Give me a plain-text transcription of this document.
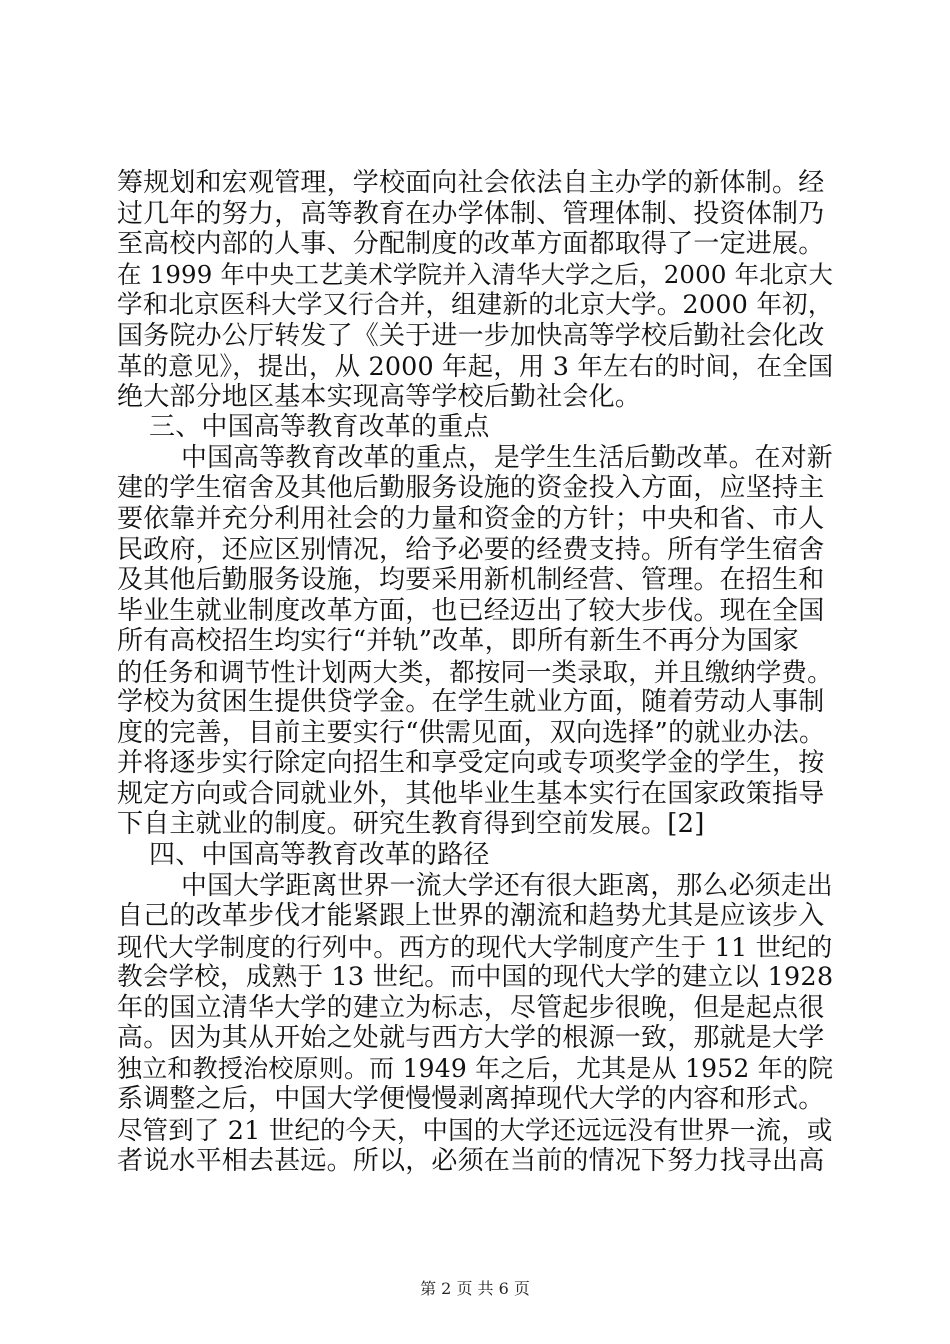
筹规划和宏观管理，学校面向社会依法自主办学的新体制。经
过几年的努力，高等教育在办学体制、管理体制、投资体制乃
至高校内部的人事、分配制度的改革方面都取得了一定进展。
在 1999 年中央工艺美术学院并入清华大学之后，2000 年北京大
学和北京医科大学又行合并，组建新的北京大学。2000 年初，
国务院办公厅转发了《关于进一步加快高等学校后勤社会化改
革的意见》，提出，从 2000 年起，用 3 年左右的时间，在全国
绝大部分地区基本实现高等学校后勤社会化。
三、中国高等教育改革的重点
中国高等教育改革的重点，是学生生活后勤改革。在对新
建的学生宿舍及其他后勤服务设施的资金投入方面，应坚持主
要依靠并充分利用社会的力量和资金的方针；中央和省、市人
民政府，还应区别情况，给予必要的经费支持。所有学生宿舍
及其他后勤服务设施，均要采用新机制经营、管理。在招生和
毕业生就业制度改革方面，也已经迈出了较大步伐。现在全国
所有高校招生均实行“并轨”改革，即所有新生不再分为国家
的任务和调节性计划两大类，都按同一类录取，并且缴纳学费。
学校为贫困生提供贷学金。在学生就业方面，随着劳动人事制
度的完善，目前主要实行“供需见面，双向选择”的就业办法。
并将逐步实行除定向招生和享受定向或专项奖学金的学生，按
规定方向或合同就业外，其他毕业生基本实行在国家政策指导
下自主就业的制度。研究生教育得到空前发展。[2]
四、中国高等教育改革的路径
中国大学距离世界一流大学还有很大距离，那么必须走出
自己的改革步伐才能紧跟上世界的潮流和趋势尤其是应该步入
现代大学制度的行列中。西方的现代大学制度产生于 11 世纪的
教会学校，成熟于 13 世纪。而中国的现代大学的建立以 1928
年的国立清华大学的建立为标志，尽管起步很晚，但是起点很
高。因为其从开始之处就与西方大学的根源一致，那就是大学
独立和教授治校原则。而 1949 年之后，尤其是从 1952 年的院
系调整之后，中国大学便慢慢剥离掉现代大学的内容和形式。
尽管到了 21 世纪的今天，中国的大学还远远没有世界一流，或
者说水平相去甚远。所以，必须在当前的情况下努力找寻出高
第 2 页 共 6 页
